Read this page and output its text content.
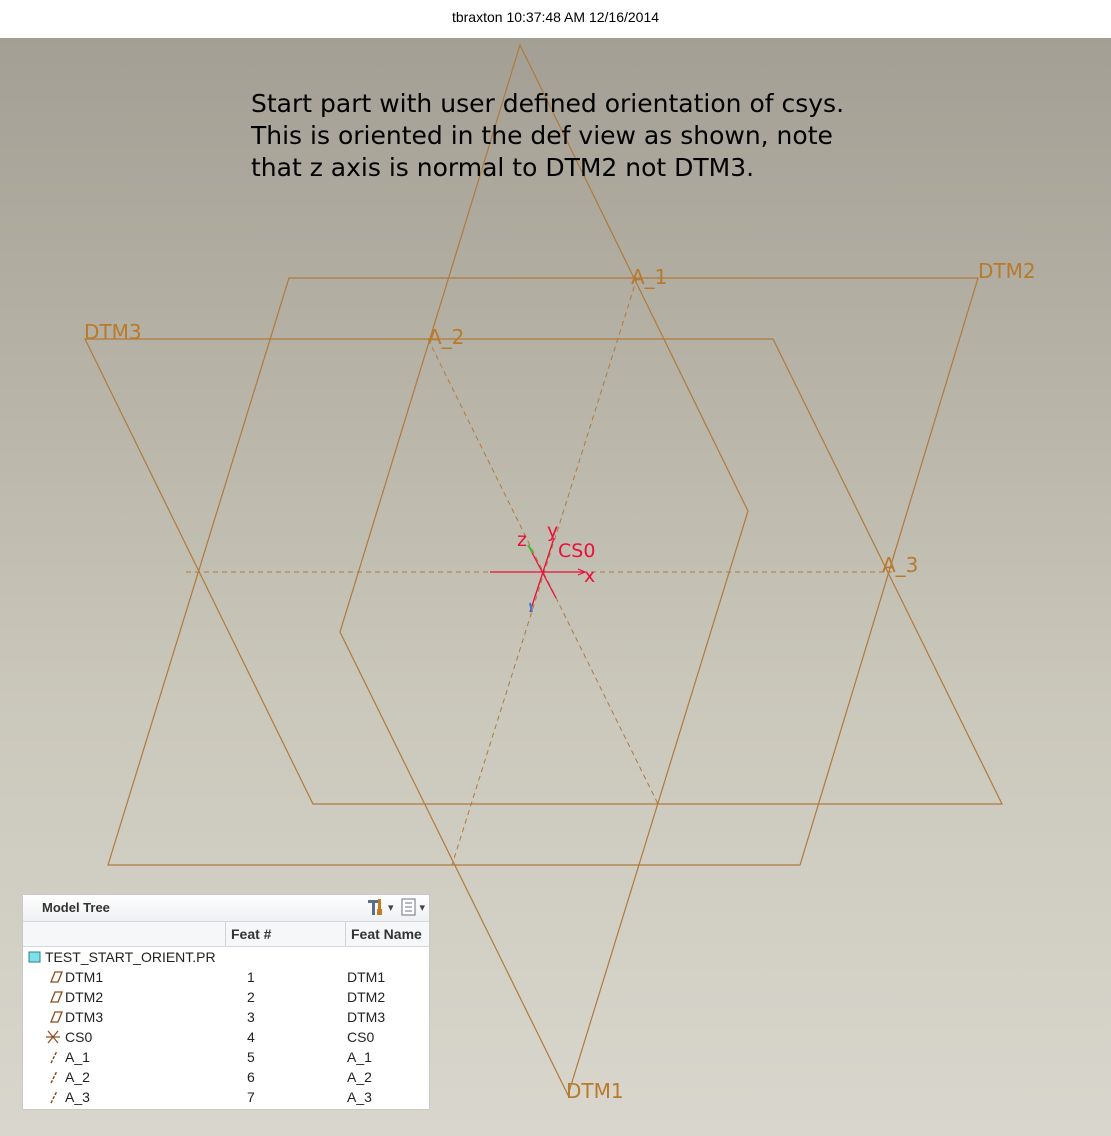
tbraxton 10:37:48 AM 12/16/2014
DTM2
DTM3
DTM1
A_1
A_2
A_3
CS0
x
y
z
Start part with user defined orientation of csys.
This is oriented in the def view as shown, note
that z axis is normal to DTM2 not DTM3.
Model Tree	▾	▾
Feat #	Feat Name
TEST_START_ORIENT.PR
DTM1	1	DTM1
DTM2	2	DTM2
DTM3	3	DTM3
CS0	4	CS0
A_1	5	A_1
A_2	6	A_2
A_3	7	A_3
